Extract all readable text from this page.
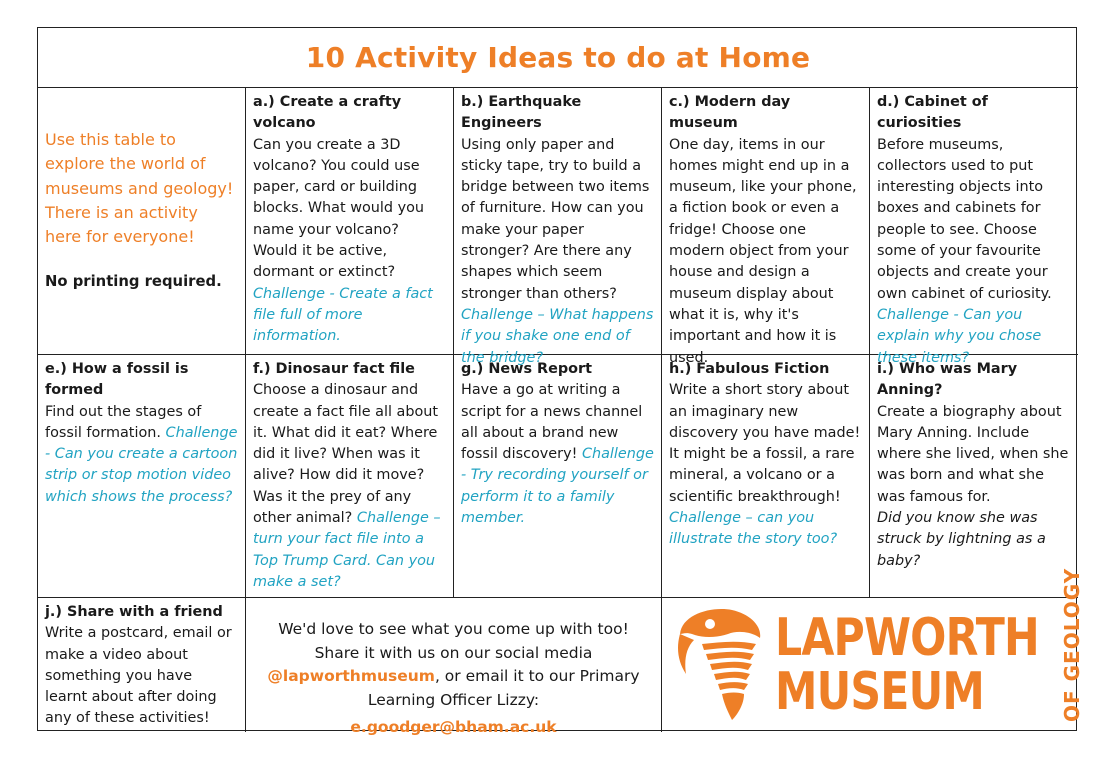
10 Activity Ideas to do at Home
Use this table to explore the world of museums and geology! There is an activity here for everyone!
No printing required.
a.) Create a crafty volcano
Can you create a 3D volcano? You could use paper, card or building blocks. What would you name your volcano? Would it be active, dormant or extinct? Challenge - Create a fact file full of more information.
b.) Earthquake Engineers
Using only paper and sticky tape, try to build a bridge between two items of furniture. How can you make your paper stronger? Are there any shapes which seem stronger than others? Challenge – What happens if you shake one end of the bridge?
c.) Modern day museum
One day, items in our homes might end up in a museum, like your phone, a fiction book or even a fridge! Choose one modern object from your house and design a museum display about what it is, why it's important and how it is used.
d.) Cabinet of curiosities
Before museums, collectors used to put interesting objects into boxes and cabinets for people to see. Choose some of your favourite objects and create your own cabinet of curiosity. Challenge - Can you explain why you chose these items?
e.) How a fossil is formed
Find out the stages of fossil formation. Challenge - Can you create a cartoon strip or stop motion video which shows the process?
f.) Dinosaur fact file
Choose a dinosaur and create a fact file all about it. What did it eat? Where did it live? When was it alive? How did it move? Was it the prey of any other animal? Challenge – turn your fact file into a Top Trump Card. Can you make a set?
g.) News Report
Have a go at writing a script for a news channel all about a brand new fossil discovery! Challenge - Try recording yourself or perform it to a family member.
h.) Fabulous Fiction
Write a short story about an imaginary new discovery you have made! It might be a fossil, a rare mineral, a volcano or a scientific breakthrough! Challenge – can you illustrate the story too?
i.) Who was Mary Anning?
Create a biography about Mary Anning. Include where she lived, when she was born and what she was famous for.
Did you know she was struck by lightning as a baby?
j.) Share with a friend
Write a postcard, email or make a video about something you have learnt about after doing any of these activities!
We'd love to see what you come up with too! Share it with us on our social media @lapworthmuseum, or email it to our Primary Learning Officer Lizzy:
e.goodger@bham.ac.uk
LAPWORTH
MUSEUM	OF GEOLOGY
